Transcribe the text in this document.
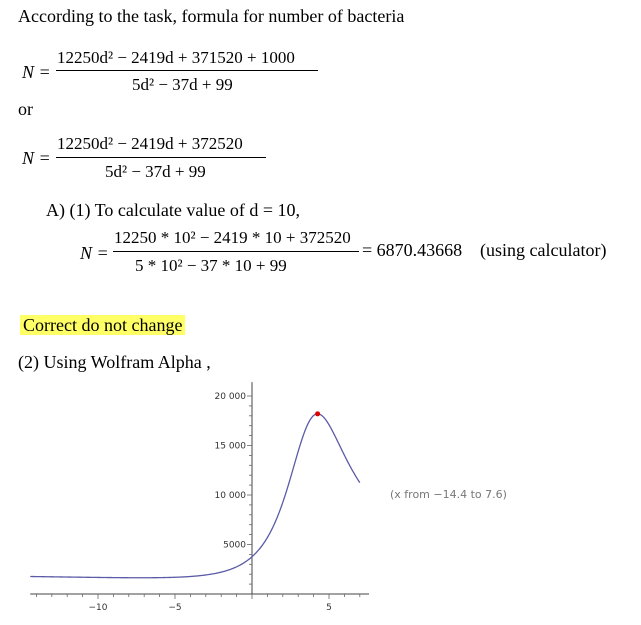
According to the task, formula for number of bacteria
N =
12250d² − 2419d + 371520 + 1000
5d² − 37d + 99
or
N =
12250d² − 2419d + 372520
5d² − 37d + 99
A) (1) To calculate value of d = 10,
N =
12250 * 10² − 2419 * 10 + 372520
5 * 10² − 37 * 10 + 99
= 6870.43668 (using calculator)
Correct do not change
(2) Using Wolfram Alpha ,
−10	−5	5
5000
10 000
15 000
20 000
(x from −14.4 to 7.6)
